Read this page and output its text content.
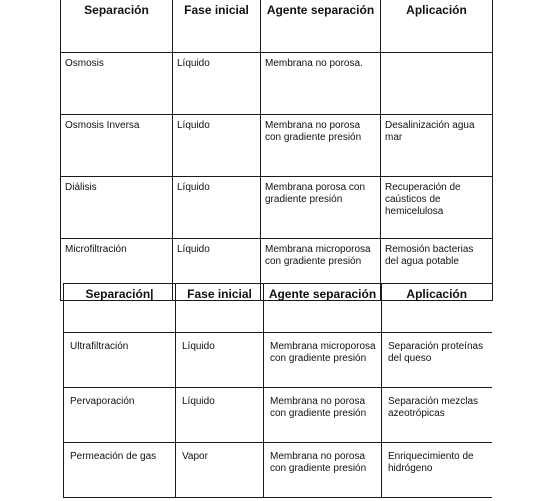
Separación	Fase inicial	Agente separación	Aplicación

Osmosis	Líquido	Membrana no porosa.	

Osmosis Inversa	Líquido	Membrana no porosa con gradiente presión	Desalinización agua mar

Diálisis	Líquido	Membrana porosa con gradiente presión	Recuperación de caústicos de hemicelulosa

Microfiltración	Líquido	Membrana microporosa con gradiente presión	Remosión bacterias del agua potable
Separación|	Fase inicial	Agente separación	Aplicación

Ultrafiltración	Líquido	Membrana microporosa con gradiente presión	Separación proteínas del queso

Pervaporación	Líquido	Membrana no porosa con gradiente presión	Separación mezclas azeotrópicas

Permeación de gas	Vapor	Membrana no porosa con gradiente presión	Enriquecimiento de hidrógeno
